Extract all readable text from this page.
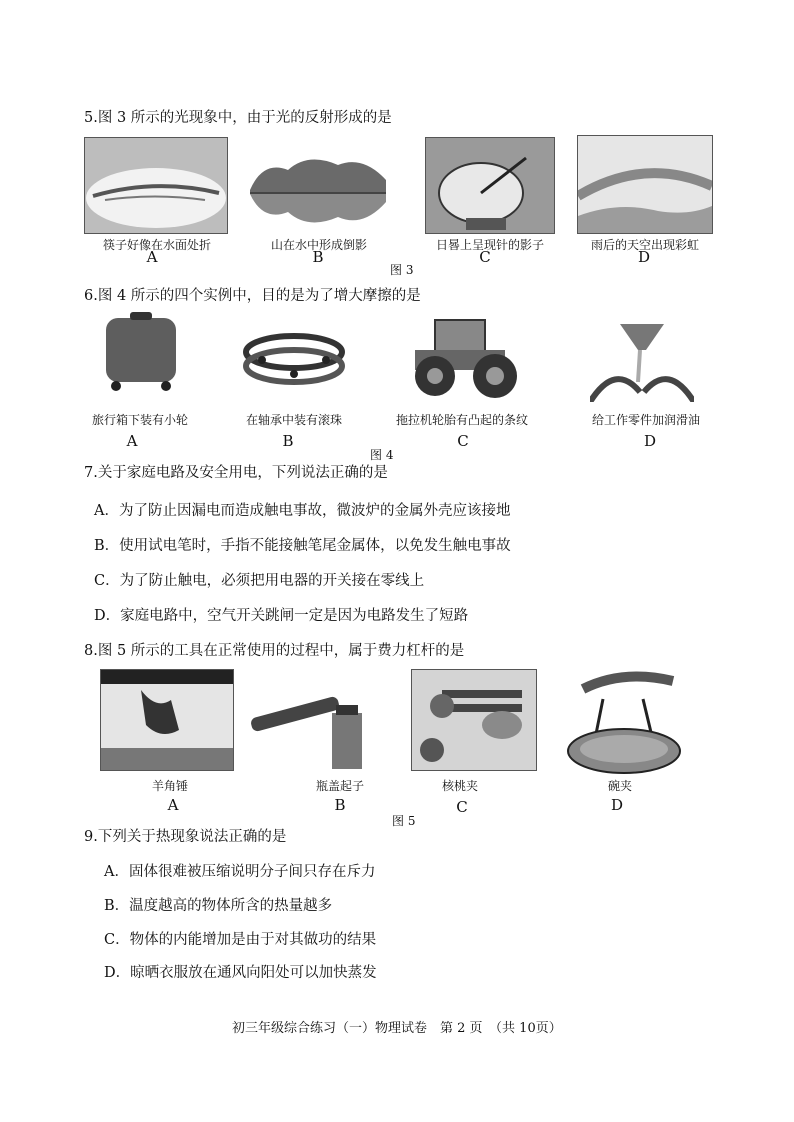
5.图 3 所示的光现象中，由于光的反射形成的是
筷子好像在水面处折	山在水中形成倒影	日晷上呈现针的影子	雨后的天空出现彩虹
A	B	C	D
图 3
6.图 4 所示的四个实例中，目的是为了增大摩擦的是
旅行箱下装有小轮	在轴承中装有滚珠	拖拉机轮胎有凸起的条纹	给工作零件加润滑油
A	B	C	D
图 4
7.关于家庭电路及安全用电，下列说法正确的是
A．为了防止因漏电而造成触电事故，微波炉的金属外壳应该接地
B．使用试电笔时，手指不能接触笔尾金属体，以免发生触电事故
C．为了防止触电，必须把用电器的开关接在零线上
D．家庭电路中，空气开关跳闸一定是因为电路发生了短路
8.图 5 所示的工具在正常使用的过程中，属于费力杠杆的是
羊角锤	瓶盖起子	核桃夹	碗夹
A	B	C	D
图 5
9.下列关于热现象说法正确的是
A．固体很难被压缩说明分子间只存在斥力
B．温度越高的物体所含的热量越多
C．物体的内能增加是由于对其做功的结果
D．晾晒衣服放在通风向阳处可以加快蒸发
初三年级综合练习（一）物理试卷　第 2 页　（共 10页）
